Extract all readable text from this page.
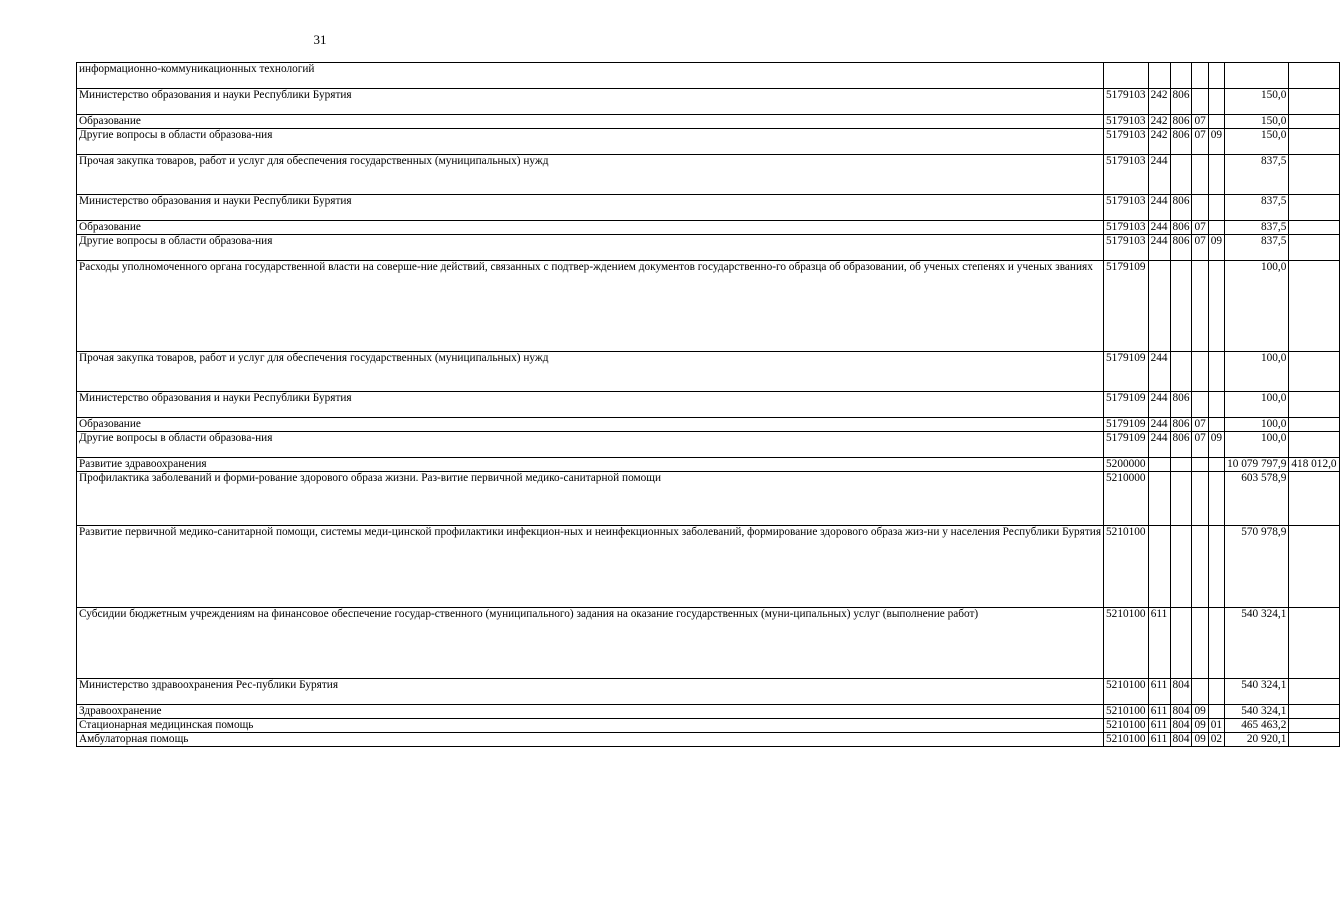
31
информационно-коммуникационных технологий							
Министерство образования и науки Республики Бурятия	5179103	242	806			150,0	
Образование	5179103	242	806	07		150,0	
Другие вопросы в области образова-ния	5179103	242	806	07	09	150,0	
Прочая закупка товаров, работ и услуг для обеспечения государственных (муниципальных) нужд	5179103	244				837,5	
Министерство образования и науки Республики Бурятия	5179103	244	806			837,5	
Образование	5179103	244	806	07		837,5	
Другие вопросы в области образова-ния	5179103	244	806	07	09	837,5	
Расходы уполномоченного органа государственной власти на соверше-ние действий, связанных с подтвер-ждением документов государственно-го образца об образовании, об ученых степенях и ученых званиях	5179109					100,0	
Прочая закупка товаров, работ и услуг для обеспечения государственных (муниципальных) нужд	5179109	244				100,0	
Министерство образования и науки Республики Бурятия	5179109	244	806			100,0	
Образование	5179109	244	806	07		100,0	
Другие вопросы в области образова-ния	5179109	244	806	07	09	100,0	
Развитие здравоохранения	5200000					10 079 797,9	418 012,0
Профилактика заболеваний и форми-рование здорового образа жизни. Раз-витие первичной медико-санитарной помощи	5210000					603 578,9	
Развитие первичной медико-санитарной помощи, системы меди-цинской профилактики инфекцион-ных и неинфекционных заболеваний, формирование здорового образа жиз-ни у населения Республики Бурятия	5210100					570 978,9	
Субсидии бюджетным учреждениям на финансовое обеспечение государ-ственного (муниципального) задания на оказание государственных (муни-ципальных) услуг (выполнение работ)	5210100	611				540 324,1	
Министерство здравоохранения Рес-публики Бурятия	5210100	611	804			540 324,1	
Здравоохранение	5210100	611	804	09		540 324,1	
Стационарная медицинская помощь	5210100	611	804	09	01	465 463,2	
Амбулаторная помощь	5210100	611	804	09	02	20 920,1	
